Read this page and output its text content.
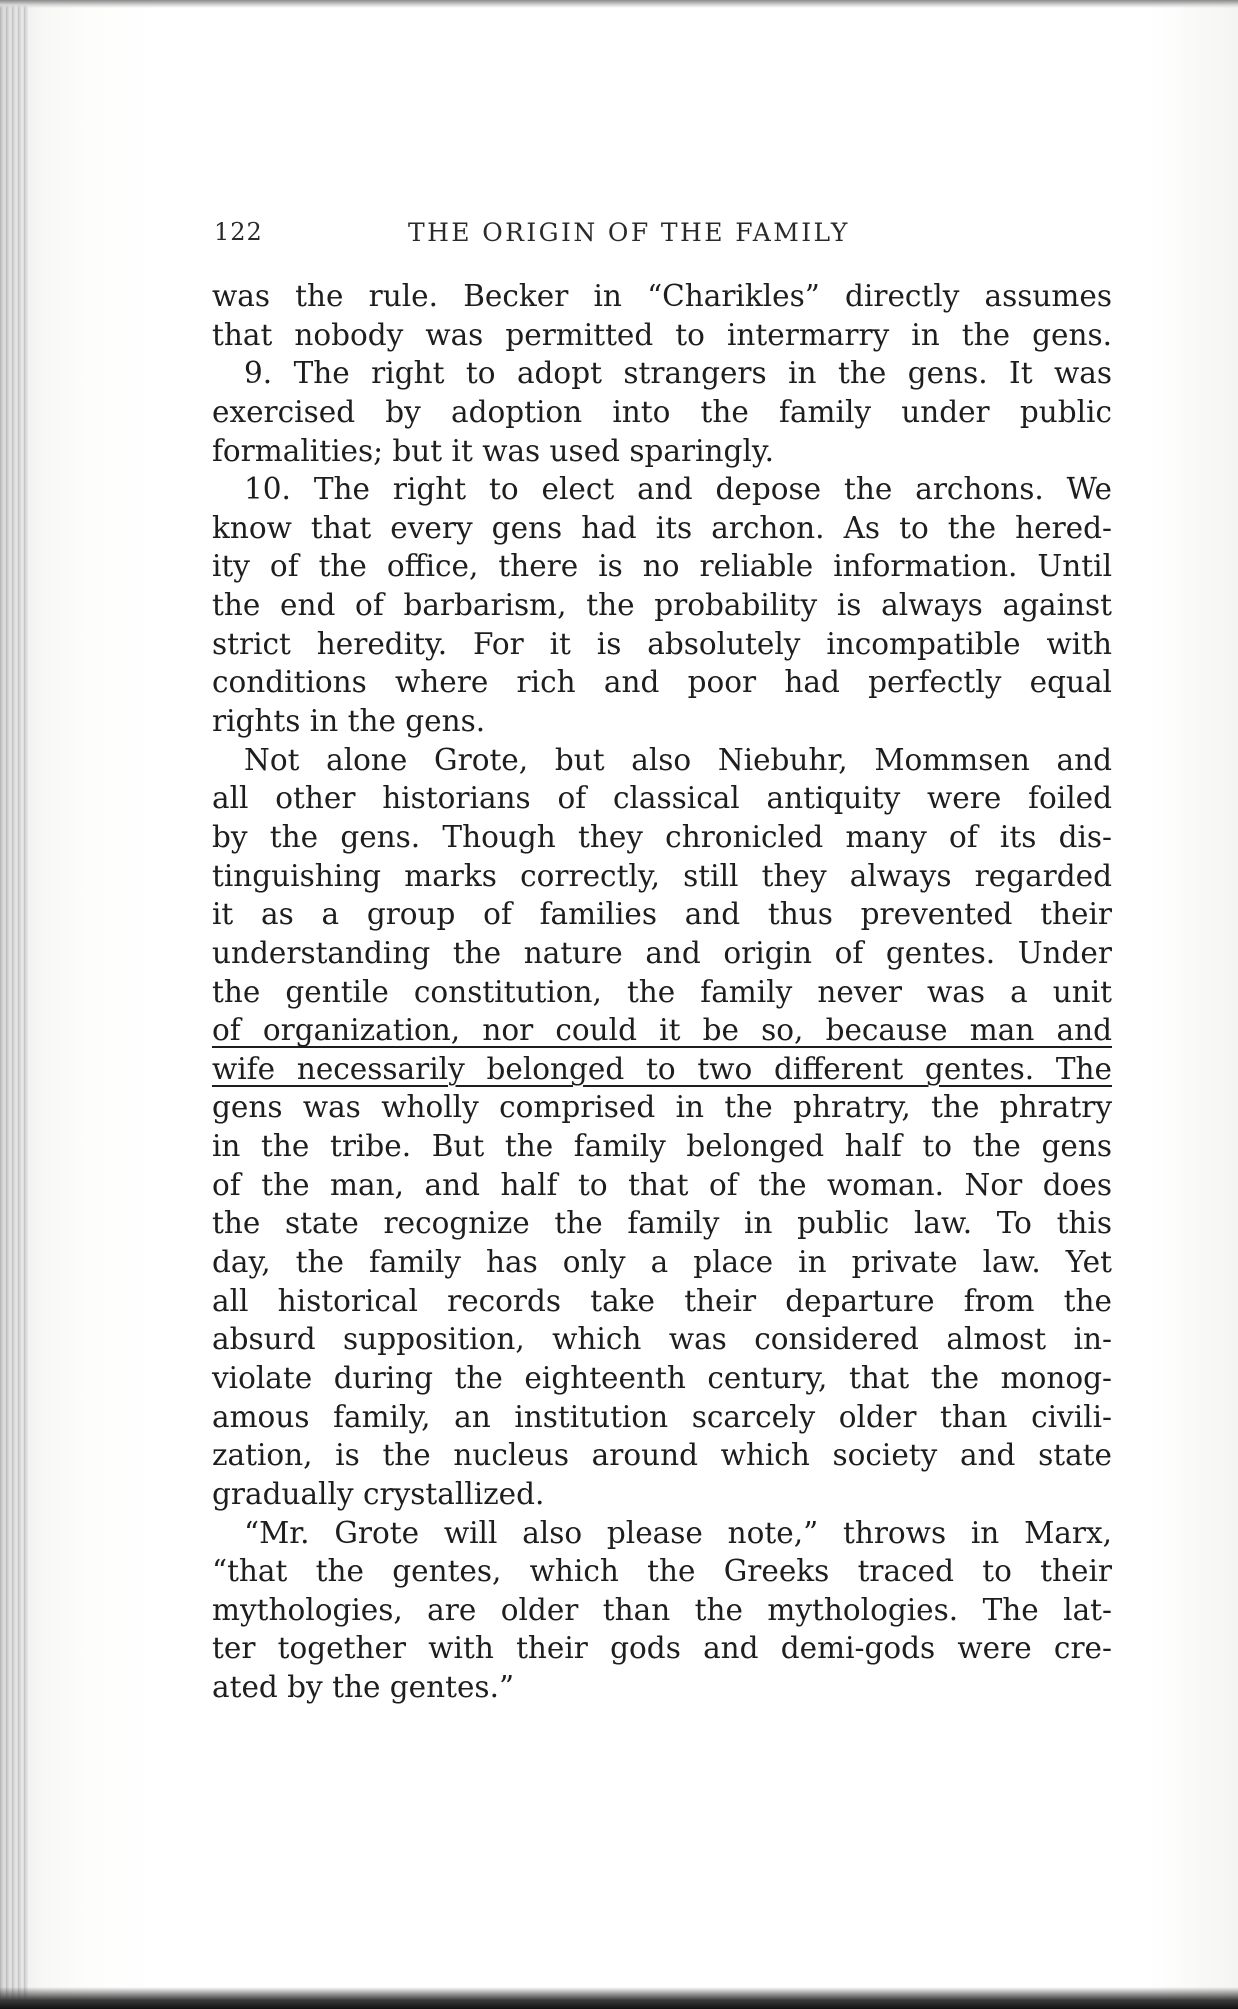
122	THE ORIGIN OF THE FAMILY
was the rule. Becker in “Charikles” directly assumes
that nobody was permitted to intermarry in the gens.
9. The right to adopt strangers in the gens. It was
exercised by adoption into the family under public
formalities; but it was used sparingly.
10. The right to elect and depose the archons. We
know that every gens had its archon. As to the hered-
ity of the office, there is no reliable information. Until
the end of barbarism, the probability is always against
strict heredity. For it is absolutely incompatible with
conditions where rich and poor had perfectly equal
rights in the gens.
Not alone Grote, but also Niebuhr, Mommsen and
all other historians of classical antiquity were foiled
by the gens. Though they chronicled many of its dis-
tinguishing marks correctly, still they always regarded
it as a group of families and thus prevented their
understanding the nature and origin of gentes. Under
the gentile constitution, the family never was a unit
of organization, nor could it be so, because man and
wife necessarily belonged to two different gentes. The
gens was wholly comprised in the phratry, the phratry
in the tribe. But the family belonged half to the gens
of the man, and half to that of the woman. Nor does
the state recognize the family in public law. To this
day, the family has only a place in private law. Yet
all historical records take their departure from the
absurd supposition, which was considered almost in-
violate during the eighteenth century, that the monog-
amous family, an institution scarcely older than civili-
zation, is the nucleus around which society and state
gradually crystallized.
“Mr. Grote will also please note,” throws in Marx,
“that the gentes, which the Greeks traced to their
mythologies, are older than the mythologies. The lat-
ter together with their gods and demi-gods were cre-
ated by the gentes.”
